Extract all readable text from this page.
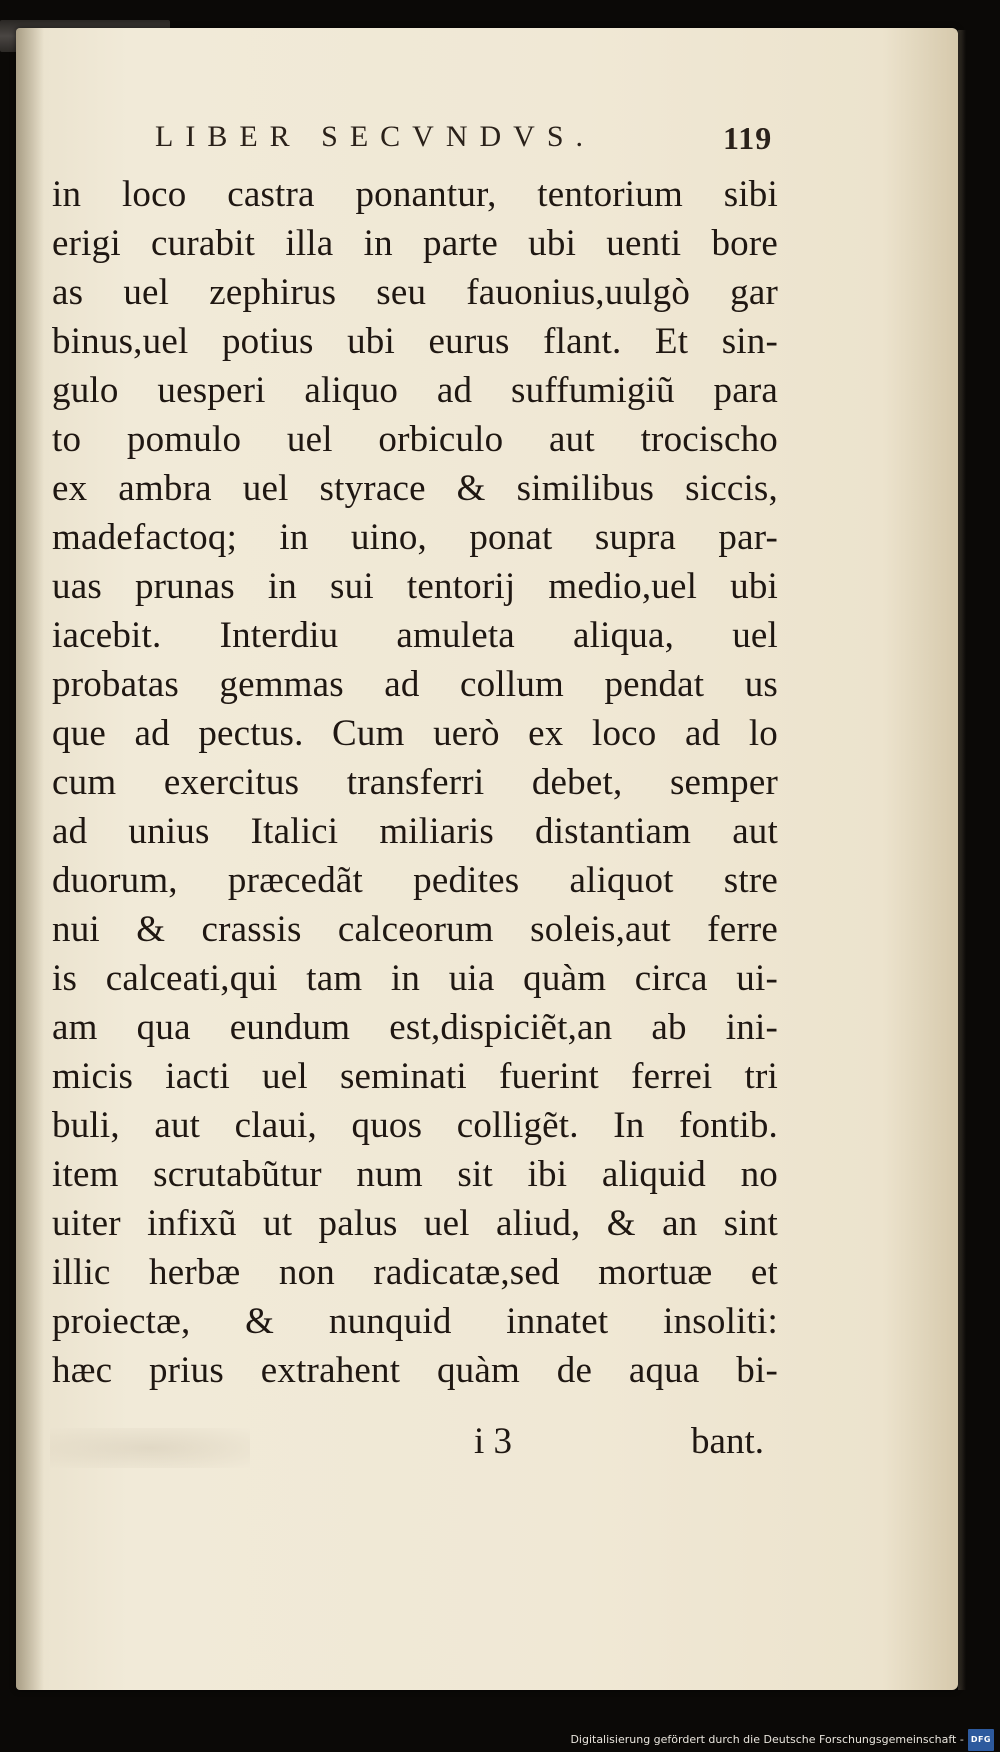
LIBER SECVNDVS.	119
in loco castra ponantur, tentorium sibi
erigi curabit illa in parte ubi uenti bore
as uel zephirus seu fauonius,uulgò gar
binus,uel potius ubi eurus flant. Et sin-
gulo uesperi aliquo ad suffumigiũ para
to pomulo uel orbiculo aut trocischo
ex ambra uel styrace & similibus siccis,
madefactoq; in uino, ponat supra par-
uas prunas in sui tentorij medio,uel ubi
iacebit. Interdiu amuleta aliqua, uel
probatas gemmas ad collum pendat us
que ad pectus. Cum uerò ex loco ad lo
cum exercitus transferri debet, semper
ad unius Italici miliaris distantiam aut
duorum, præcedãt pedites aliquot stre
nui & crassis calceorum soleis,aut ferre
is calceati,qui tam in uia quàm circa ui-
am qua eundum est,dispiciẽt,an ab ini-
micis iacti uel seminati fuerint ferrei tri
buli, aut claui, quos colligẽt. In fontib.
item scrutabũtur num sit ibi aliquid no
uiter infixũ ut palus uel aliud, & an sint
illic herbæ non radicatæ,sed mortuæ et
proiectæ, & nunquid innatet insoliti:
hæc prius extrahent quàm de aqua bi-
i 3	bant.
Digitalisierung gefördert durch die Deutsche Forschungsgemeinschaft - DFG
